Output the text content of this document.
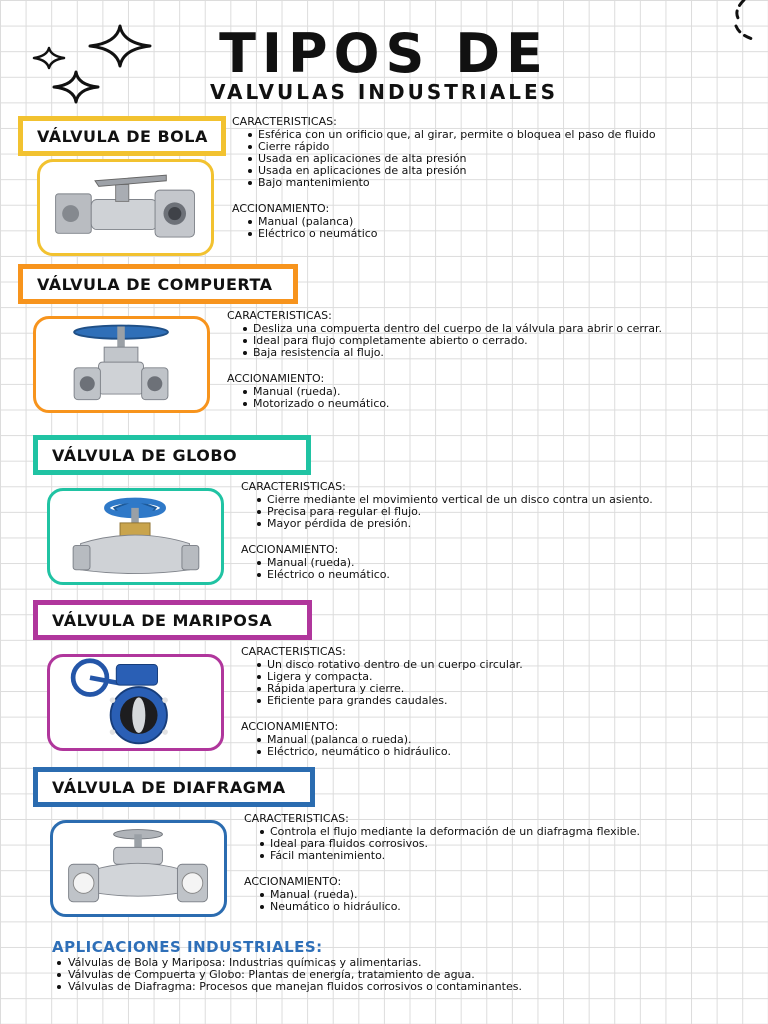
TIPOS DE
VALVULAS INDUSTRIALES
VÁLVULA DE BOLA
CARACTERISTICAS:
Esférica con un orificio que, al girar, permite o bloquea el paso de fluido
Cierre rápido
Usada en aplicaciones de alta presión
Usada en aplicaciones de alta presión
Bajo mantenimiento
ACCIONAMIENTO:
Manual (palanca)
Eléctrico o neumático
VÁLVULA DE COMPUERTA
CARACTERISTICAS:
Desliza una compuerta dentro del cuerpo de la válvula para abrir o cerrar.
Ideal para flujo completamente abierto o cerrado.
Baja resistencia al flujo.
ACCIONAMIENTO:
Manual (rueda).
Motorizado o neumático.
VÁLVULA DE GLOBO
CARACTERISTICAS:
Cierre mediante el movimiento vertical de un disco contra un asiento.
Precisa para regular el flujo.
Mayor pérdida de presión.
ACCIONAMIENTO:
Manual (rueda).
Eléctrico o neumático.
VÁLVULA DE MARIPOSA
CARACTERISTICAS:
Un disco rotativo dentro de un cuerpo circular.
Ligera y compacta.
Rápida apertura y cierre.
Eficiente para grandes caudales.
ACCIONAMIENTO:
Manual (palanca o rueda).
Eléctrico, neumático o hidráulico.
VÁLVULA DE DIAFRAGMA
CARACTERISTICAS:
Controla el flujo mediante la deformación de un diafragma flexible.
Ideal para fluidos corrosivos.
Fácil mantenimiento.
ACCIONAMIENTO:
Manual (rueda).
Neumático o hidráulico.
APLICACIONES INDUSTRIALES:
Válvulas de Bola y Mariposa: Industrias químicas y alimentarias.
Válvulas de Compuerta y Globo: Plantas de energía, tratamiento de agua.
Válvulas de Diafragma: Procesos que manejan fluidos corrosivos o contaminantes.
